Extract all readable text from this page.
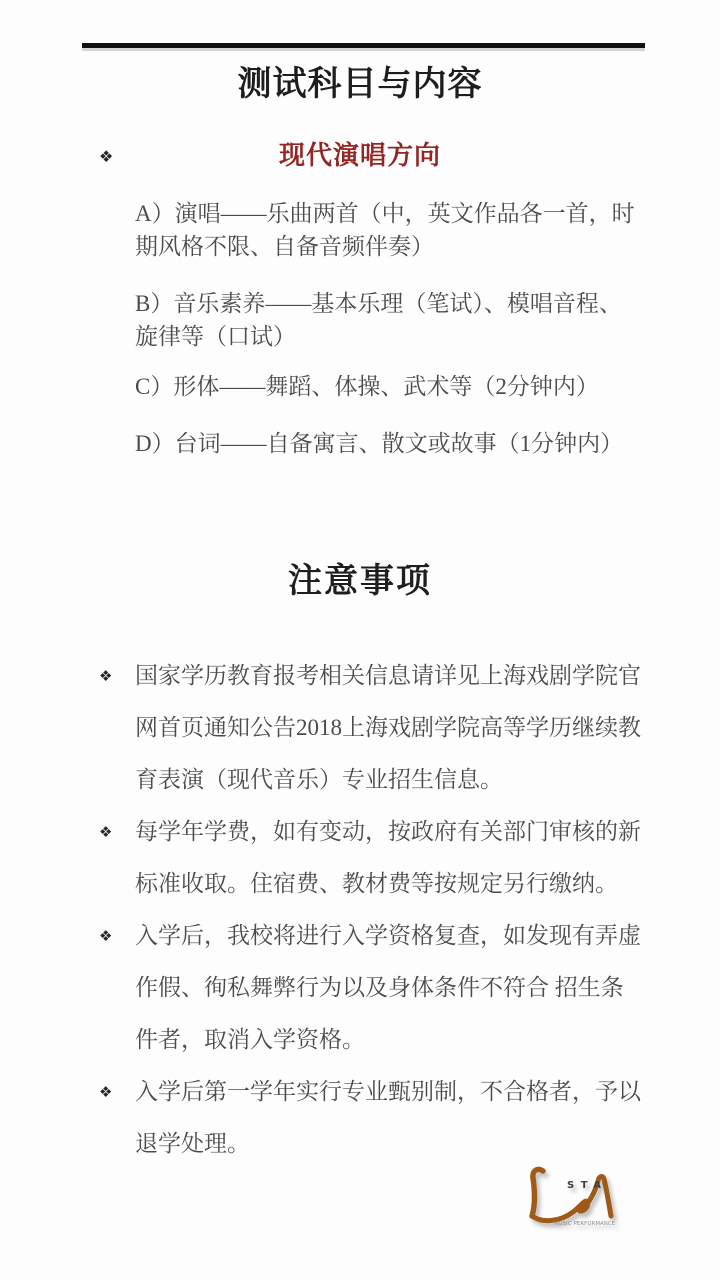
测试科目与内容
❖	现代演唱方向

A）演唱——乐曲两首（中，英文作品各一首，时期风格不限、自备音频伴奏）

B）音乐素养——基本乐理（笔试）、模唱音程、旋律等（口试）

C）形体——舞蹈、体操、武术等（2分钟内）

D）台词——自备寓言、散文或故事（1分钟内）

注意事项
❖ 国家学历教育报考相关信息请详见上海戏剧学院官网首页通知公告2018上海戏剧学院高等学历继续教育表演（现代音乐）专业招生信息。

❖ 每学年学费，如有变动，按政府有关部门审核的新标准收取。住宿费、教材费等按规定另行缴纳。

❖ 入学后，我校将进行入学资格复查，如发现有弄虚作假、徇私舞弊行为以及身体条件不符合 招生条件者，取消入学资格。

❖ 入学后第一学年实行专业甄别制，不合格者，予以退学处理。

STA
MUSIC PERFORMANCE
